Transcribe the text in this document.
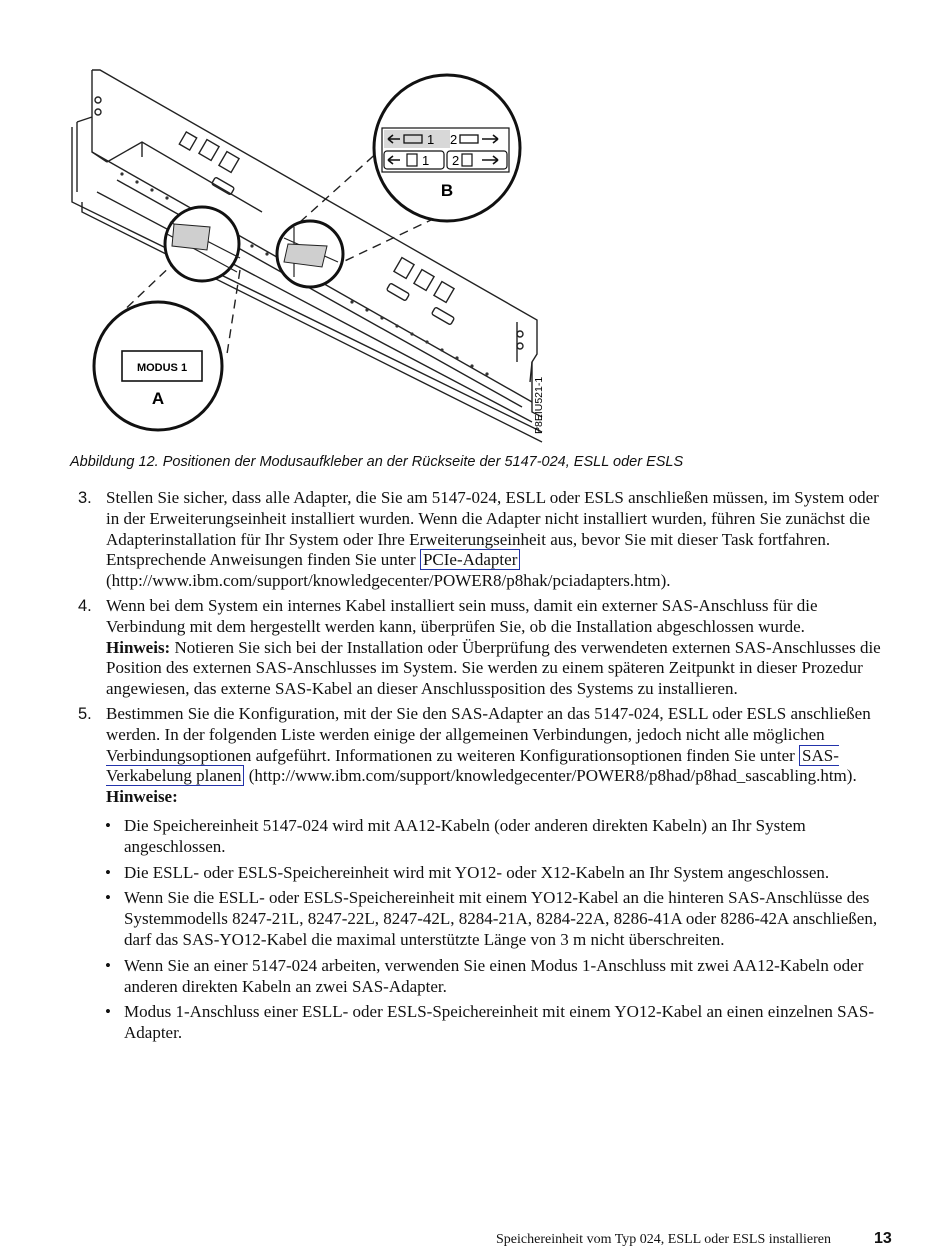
MODUS 1
A
1 2
1 2
B
P8EIU521-1
Abbildung 12. Positionen der Modusaufkleber an der Rückseite der 5147-024, ESLL oder ESLS
3. Stellen Sie sicher, dass alle Adapter, die Sie am 5147-024, ESLL oder ESLS anschließen müssen, im System oder in der Erweiterungseinheit installiert wurden. Wenn die Adapter nicht installiert wurden, führen Sie zunächst die Adapterinstallation für Ihr System oder Ihre Erweiterungseinheit aus, bevor Sie mit dieser Task fortfahren. Entsprechende Anweisungen finden Sie unter PCIe-Adapter (http://www.ibm.com/support/knowledgecenter/POWER8/p8hak/pciadapters.htm).

4. Wenn bei dem System ein internes Kabel installiert sein muss, damit ein externer SAS-Anschluss für die Verbindung mit dem hergestellt werden kann, überprüfen Sie, ob die Installation abgeschlossen wurde.

Hinweis: Notieren Sie sich bei der Installation oder Überprüfung des verwendeten externen SAS-Anschlusses die Position des externen SAS-Anschlusses im System. Sie werden zu einem späteren Zeitpunkt in dieser Prozedur angewiesen, das externe SAS-Kabel an dieser Anschlussposition des Systems zu installieren.

5. Bestimmen Sie die Konfiguration, mit der Sie den SAS-Adapter an das 5147-024, ESLL oder ESLS anschließen werden. In der folgenden Liste werden einige der allgemeinen Verbindungen, jedoch nicht alle möglichen Verbindungsoptionen aufgeführt. Informationen zu weiteren Konfigurationsoptionen finden Sie unter SAS-Verkabelung planen (http://www.ibm.com/support/knowledgecenter/POWER8/p8had/p8had_sascabling.htm).

Hinweise:

• Die Speichereinheit 5147-024 wird mit AA12-Kabeln (oder anderen direkten Kabeln) an Ihr System angeschlossen.
• Die ESLL- oder ESLS-Speichereinheit wird mit YO12- oder X12-Kabeln an Ihr System angeschlossen.
• Wenn Sie die ESLL- oder ESLS-Speichereinheit mit einem YO12-Kabel an die hinteren SAS-Anschlüsse des Systemmodells 8247-21L, 8247-22L, 8247-42L, 8284-21A, 8284-22A, 8286-41A oder 8286-42A anschließen, darf das SAS-YO12-Kabel die maximal unterstützte Länge von 3 m nicht überschreiten.
• Wenn Sie an einer 5147-024 arbeiten, verwenden Sie einen Modus 1-Anschluss mit zwei AA12-Kabeln oder anderen direkten Kabeln an zwei SAS-Adapter.
• Modus 1-Anschluss einer ESLL- oder ESLS-Speichereinheit mit einem YO12-Kabel an einen einzelnen SAS-Adapter.
Speichereinheit vom Typ 024, ESLL oder ESLS installieren	13
